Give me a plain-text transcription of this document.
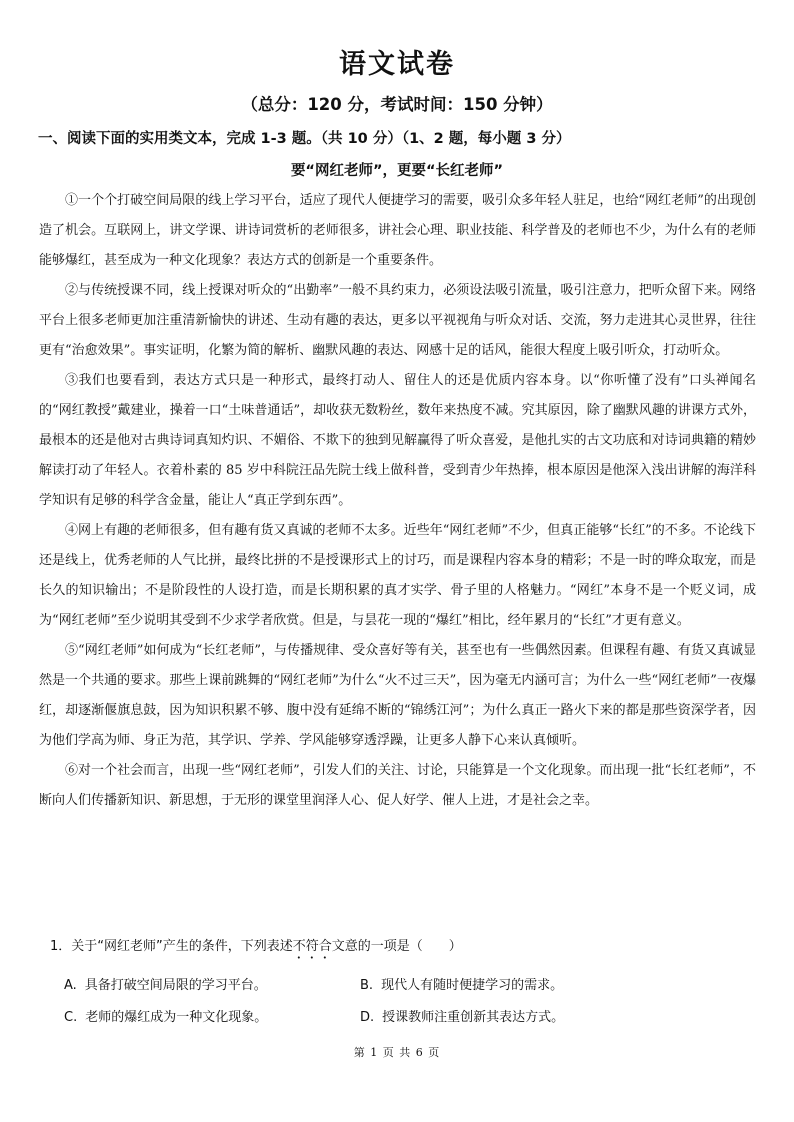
语文试卷
（总分：120 分，考试时间：150 分钟）
一、阅读下面的实用类文本，完成 1-3 题。（共 10 分）（1、2 题，每小题 3 分）
要“网红老师”，更要“长红老师”

①一个个打破空间局限的线上学习平台，适应了现代人便捷学习的需要，吸引众多年轻人驻足，也给“网红老师”的出现创造了机会。互联网上，讲文学课、讲诗词赏析的老师很多，讲社会心理、职业技能、科学普及的老师也不少，为什么有的老师能够爆红，甚至成为一种文化现象？表达方式的创新是一个重要条件。

②与传统授课不同，线上授课对听众的“出勤率”一般不具约束力，必须设法吸引流量，吸引注意力，把听众留下来。网络平台上很多老师更加注重清新愉快的讲述、生动有趣的表达，更多以平视视角与听众对话、交流，努力走进其心灵世界，往往更有“治愈效果”。事实证明，化繁为简的解析、幽默风趣的表达、网感十足的话风，能很大程度上吸引听众，打动听众。

③我们也要看到，表达方式只是一种形式，最终打动人、留住人的还是优质内容本身。以“你听懂了没有”口头禅闻名的“网红教授”戴建业，操着一口“土味普通话”，却收获无数粉丝，数年来热度不减。究其原因，除了幽默风趣的讲课方式外，最根本的还是他对古典诗词真知灼识、不媚俗、不欺下的独到见解赢得了听众喜爱，是他扎实的古文功底和对诗词典籍的精妙解读打动了年轻人。衣着朴素的 85 岁中科院汪品先院士线上做科普，受到青少年热捧，根本原因是他深入浅出讲解的海洋科学知识有足够的科学含金量，能让人“真正学到东西”。

④网上有趣的老师很多，但有趣有货又真诚的老师不太多。近些年“网红老师”不少，但真正能够“长红”的不多。不论线下还是线上，优秀老师的人气比拼，最终比拼的不是授课形式上的讨巧，而是课程内容本身的精彩；不是一时的哗众取宠，而是长久的知识输出；不是阶段性的人设打造，而是长期积累的真才实学、骨子里的人格魅力。“网红”本身不是一个贬义词，成为“网红老师”至少说明其受到不少求学者欣赏。但是，与昙花一现的“爆红”相比，经年累月的“长红”才更有意义。

⑤“网红老师”如何成为“长红老师”，与传播规律、受众喜好等有关，甚至也有一些偶然因素。但课程有趣、有货又真诚显然是一个共通的要求。那些上课前跳舞的“网红老师”为什么“火不过三天”，因为毫无内涵可言；为什么一些“网红老师”一夜爆红，却逐渐偃旗息鼓，因为知识积累不够、腹中没有延绵不断的“锦绣江河”；为什么真正一路火下来的都是那些资深学者，因为他们学高为师、身正为范，其学识、学养、学风能够穿透浮躁，让更多人静下心来认真倾听。

⑥对一个社会而言，出现一些“网红老师”，引发人们的关注、讨论，只能算是一个文化现象。而出现一批“长红老师”，不断向人们传播新知识、新思想，于无形的课堂里润泽人心、促人好学、催人上进，才是社会之幸。

1．关于“网红老师”产生的条件，下列表述不符合文意的一项是（　　）
A. 具备打破空间局限的学习平台。	B. 现代人有随时便捷学习的需求。
C. 老师的爆红成为一种文化现象。	D. 授课教师注重创新其表达方式。
第 1 页 共 6 页
